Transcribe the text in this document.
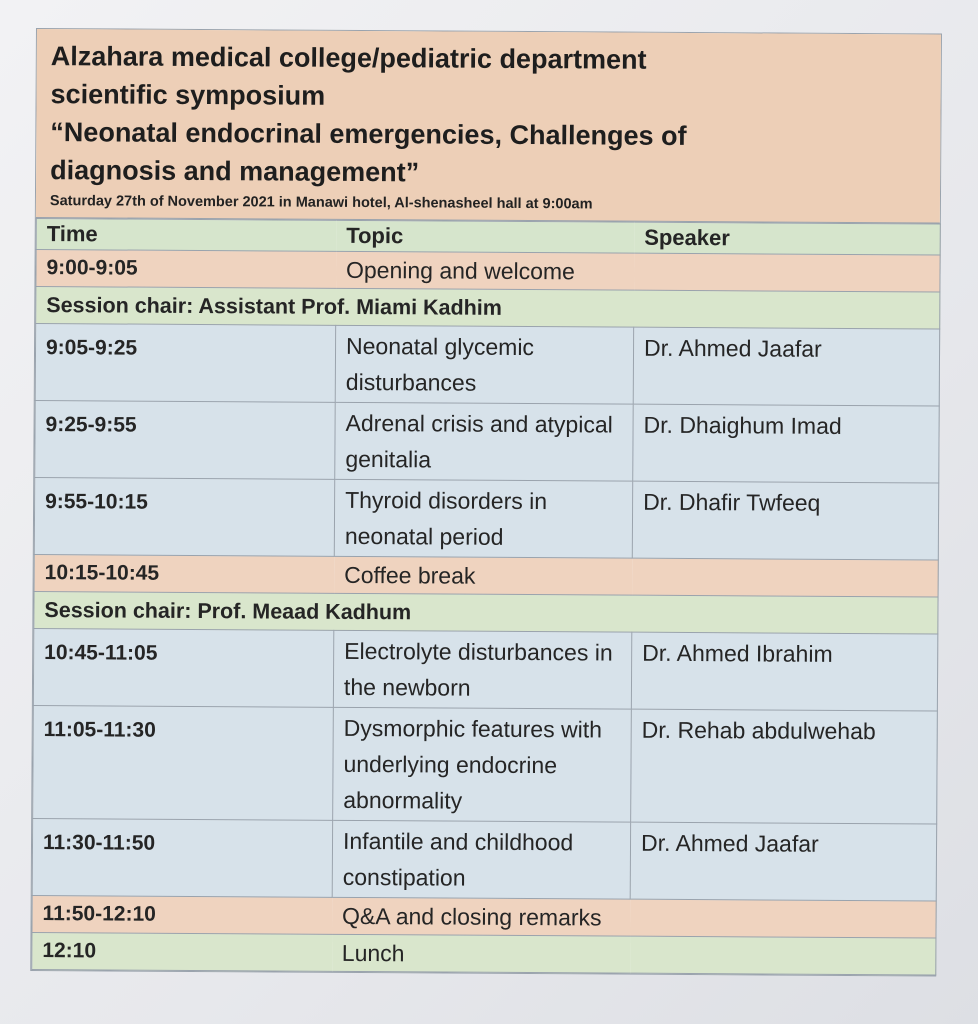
Alzahara medical college/pediatric department
scientific symposium
“Neonatal endocrinal emergencies, Challenges of
diagnosis and management”
Saturday 27th of November 2021 in Manawi hotel, Al-shenasheel hall at 9:00am
Time	Topic	Speaker
9:00-9:05	Opening and welcome	
Session chair: Assistant Prof. Miami Kadhim		
9:05-9:25	Neonatal glycemic disturbances	Dr. Ahmed Jaafar
9:25-9:55	Adrenal crisis and atypical genitalia	Dr. Dhaighum Imad
9:55-10:15	Thyroid disorders in neonatal period	Dr. Dhafir Twfeeq
10:15-10:45	Coffee break	
Session chair: Prof. Meaad Kadhum		
10:45-11:05	Electrolyte disturbances in the newborn	Dr. Ahmed Ibrahim
11:05-11:30	Dysmorphic features with underlying endocrine abnormality	Dr. Rehab abdulwehab
11:30-11:50	Infantile and childhood constipation	Dr. Ahmed Jaafar
11:50-12:10	Q&A and closing remarks	
12:10	Lunch	
